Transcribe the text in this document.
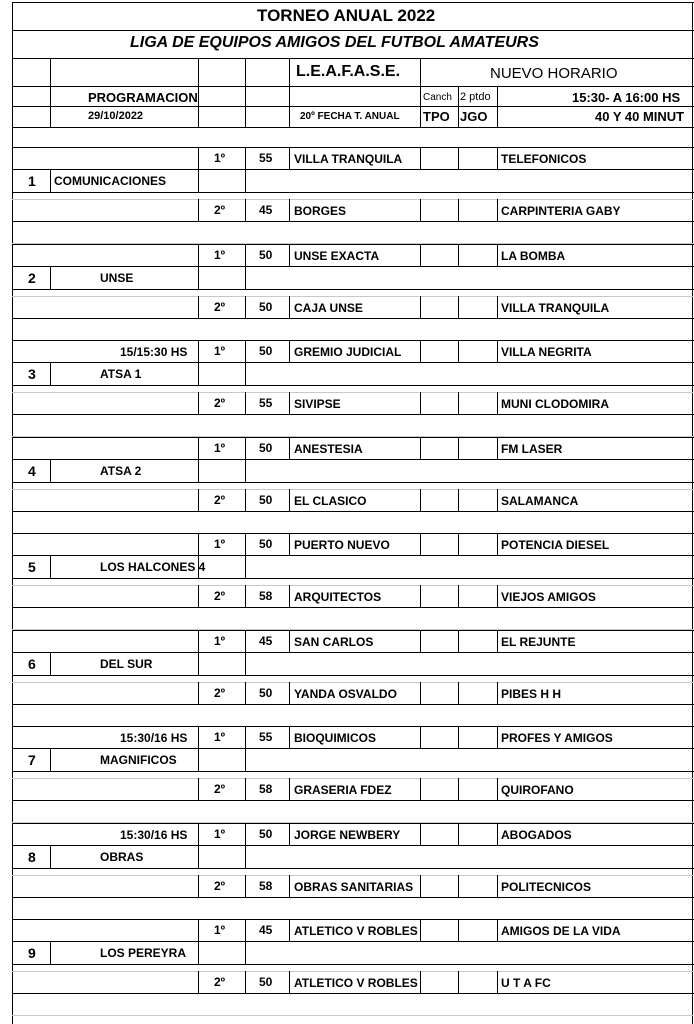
TORNEO ANUAL 2022
LIGA DE EQUIPOS AMIGOS DEL FUTBOL AMATEURS
L.E.A.F.A.S.E.	NUEVO HORARIO
PROGRAMACION	Canch 2 ptdo	15:30- A 16:00 HS
29/10/2022	20º FECHA T. ANUAL TPO JGO	40 Y 40 MINUT
1º	55 VILLA TRANQUILA	TELEFONICOS
1 COMUNICACIONES
2º	45 BORGES	CARPINTERIA GABY
1º	50 UNSE EXACTA	LA BOMBA
2	UNSE
2º	50 CAJA UNSE	VILLA TRANQUILA
15/15:30 HS 1º	50 GREMIO JUDICIAL	VILLA NEGRITA
3	ATSA 1
2º	55 SIVIPSE	MUNI CLODOMIRA
1º	50 ANESTESIA	FM LASER
4	ATSA 2
2º	50 EL CLASICO	SALAMANCA
1º	50 PUERTO NUEVO	POTENCIA DIESEL
5	LOS HALCONES 4
2º	58 ARQUITECTOS	VIEJOS AMIGOS
1º	45 SAN CARLOS	EL REJUNTE
6	DEL SUR
2º	50 YANDA OSVALDO	PIBES H H
15:30/16 HS 1º	55 BIOQUIMICOS	PROFES Y AMIGOS
7	MAGNIFICOS
2º	58 GRASERIA FDEZ	QUIROFANO
15:30/16 HS 1º	50 JORGE NEWBERY	ABOGADOS
8	OBRAS
2º	58 OBRAS SANITARIAS	POLITECNICOS
1º	45 ATLETICO V ROBLES	AMIGOS DE LA VIDA
9	LOS PEREYRA
2º	50 ATLETICO V ROBLES	U T A FC
